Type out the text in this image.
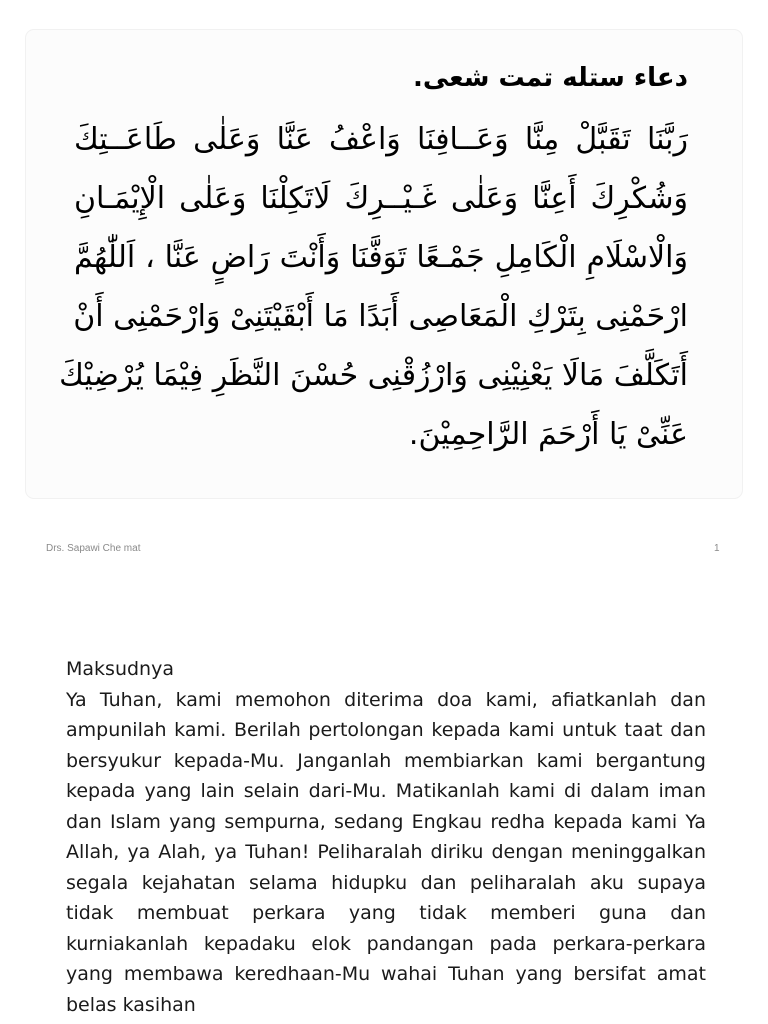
دعاء ستله تمت شعى.

رَبَّنَا تَقَبَّلْ مِنَّا وَعَــافِنَا وَاعْفُ عَنَّا وَعَلٰى طَاعَــتِكَ

وَشُكْرِكَ أَعِنَّا وَعَلٰى غَـيْــرِكَ لَاتَكِلْنَا وَعَلٰى الْإِيْمَـانِ

وَالْاسْلَامِ الْكَامِلِ جَمْـعًا تَوَفَّنَا وَأَنْتَ رَاضٍ عَنَّا ، اَللّٰهُمَّ

ارْحَمْنِى بِتَرْكِ الْمَعَاصِى أَبَدًا مَا أَبْقَيْتَنِىْ وَارْحَمْنِى أَنْ

أَتَكَلَّفَ مَالَا يَعْنِيْنِى وَارْزُقْنِى حُسْنَ النَّظَرِ فِيْمَا يُرْضِيْكَ

عَنِّىْ يَا أَرْحَمَ الرَّاحِمِيْنَ.

Drs. Sapawi Che mat	1

Maksudnya

Ya Tuhan, kami memohon diterima doa kami, afiatkanlah dan ampunilah kami. Berilah pertolongan kepada kami untuk taat dan bersyukur kepada-Mu. Janganlah membiarkan kami bergantung kepada yang lain selain dari-Mu. Matikanlah kami di dalam iman dan Islam yang sempurna, sedang Engkau redha kepada kami Ya Allah, ya Alah, ya Tuhan! Peliharalah diriku dengan meninggalkan segala kejahatan selama hidupku dan peliharalah aku supaya tidak membuat perkara yang tidak memberi guna dan kurniakanlah kepadaku elok pandangan pada perkara-perkara yang membawa keredhaan-Mu wahai Tuhan yang bersifat amat belas kasihan
